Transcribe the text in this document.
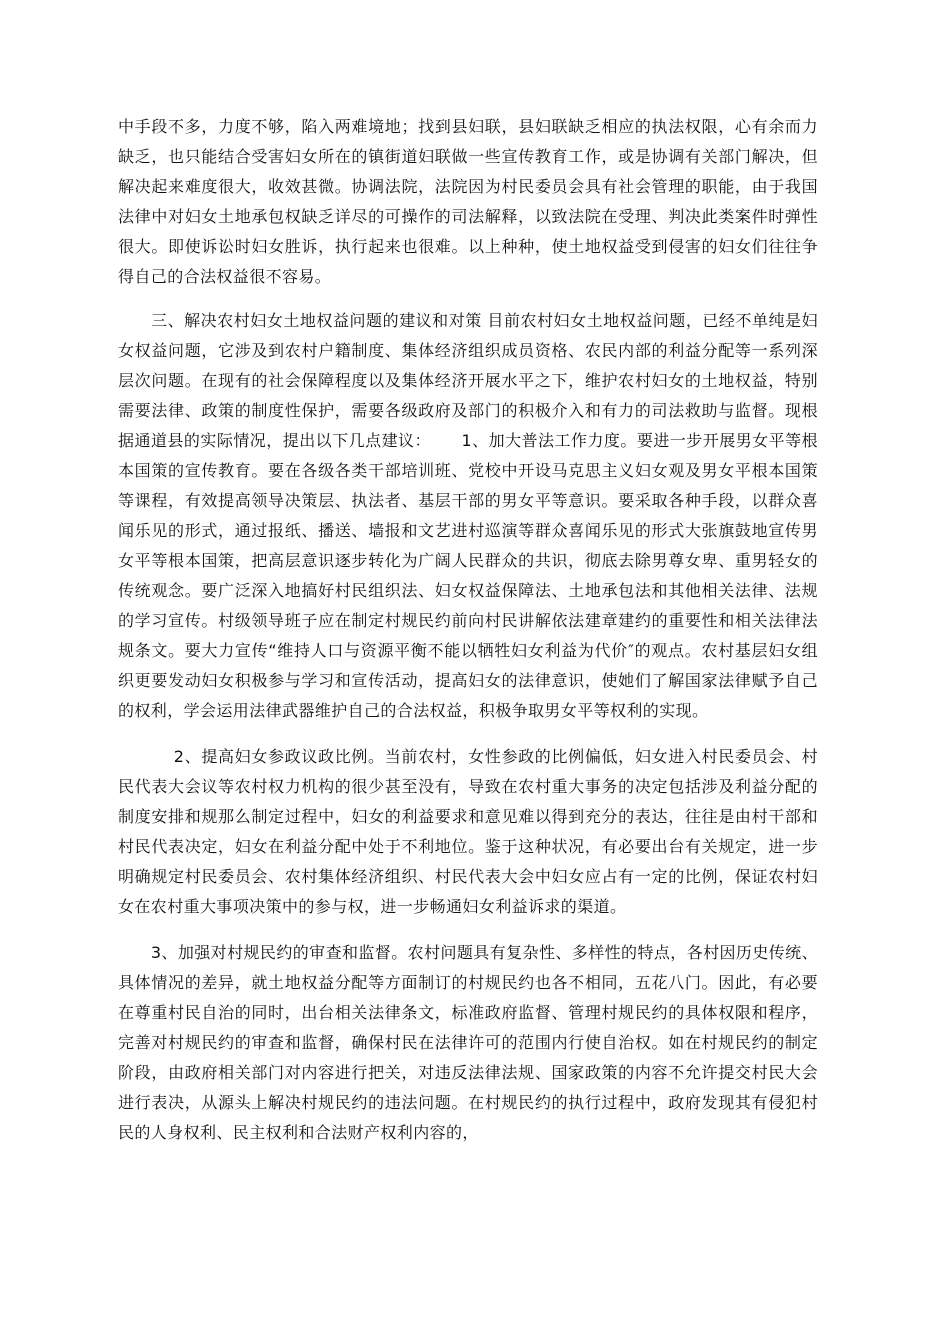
中手段不多，力度不够，陷入两难境地；找到县妇联，县妇联缺乏相应的执法权限，心有余而力缺乏，也只能结合受害妇女所在的镇街道妇联做一些宣传教育工作，或是协调有关部门解决，但解决起来难度很大，收效甚微。协调法院，法院因为村民委员会具有社会管理的职能，由于我国法律中对妇女土地承包权缺乏详尽的可操作的司法解释，以致法院在受理、判决此类案件时弹性很大。即使诉讼时妇女胜诉，执行起来也很难。以上种种，使土地权益受到侵害的妇女们往往争得自己的合法权益很不容易。

　　三、解决农村妇女土地权益问题的建议和对策 目前农村妇女土地权益问题，已经不单纯是妇女权益问题，它涉及到农村户籍制度、集体经济组织成员资格、农民内部的利益分配等一系列深层次问题。在现有的社会保障程度以及集体经济开展水平之下，维护农村妇女的土地权益，特别需要法律、政策的制度性保护，需要各级政府及部门的积极介入和有力的司法救助与监督。现根据通道县的实际情况，提出以下几点建议：　　 1、加大普法工作力度。要进一步开展男女平等根本国策的宣传教育。要在各级各类干部培训班、党校中开设马克思主义妇女观及男女平根本国策等课程，有效提高领导决策层、执法者、基层干部的男女平等意识。要采取各种手段，以群众喜闻乐见的形式，通过报纸、播送、墙报和文艺进村巡演等群众喜闻乐见的形式大张旗鼓地宣传男女平等根本国策，把高层意识逐步转化为广阔人民群众的共识，彻底去除男尊女卑、重男轻女的传统观念。要广泛深入地搞好村民组织法、妇女权益保障法、土地承包法和其他相关法律、法规的学习宣传。村级领导班子应在制定村规民约前向村民讲解依法建章建约的重要性和相关法律法规条文。要大力宣传“维持人口与资源平衡不能以牺牲妇女利益为代价″的观点。农村基层妇女组织更要发动妇女积极参与学习和宣传活动，提高妇女的法律意识，使她们了解国家法律赋予自己的权利，学会运用法律武器维护自己的合法权益，积极争取男女平等权利的实现。

　　　 2、提高妇女参政议政比例。当前农村，女性参政的比例偏低，妇女进入村民委员会、村民代表大会议等农村权力机构的很少甚至没有，导致在农村重大事务的决定包括涉及利益分配的制度安排和规那么制定过程中，妇女的利益要求和意见难以得到充分的表达，往往是由村干部和村民代表决定，妇女在利益分配中处于不利地位。鉴于这种状况，有必要出台有关规定，进一步明确规定村民委员会、农村集体经济组织、村民代表大会中妇女应占有一定的比例，保证农村妇女在农村重大事项决策中的参与权，进一步畅通妇女利益诉求的渠道。

　　3、加强对村规民约的审查和监督。农村问题具有复杂性、多样性的特点，各村因历史传统、具体情况的差异，就土地权益分配等方面制订的村规民约也各不相同，五花八门。因此，有必要在尊重村民自治的同时，出台相关法律条文，标准政府监督、管理村规民约的具体权限和程序，完善对村规民约的审查和监督，确保村民在法律许可的范围内行使自治权。如在村规民约的制定阶段，由政府相关部门对内容进行把关，对违反法律法规、国家政策的内容不允许提交村民大会进行表决，从源头上解决村规民约的违法问题。在村规民约的执行过程中，政府发现其有侵犯村民的人身权利、民主权利和合法财产权利内容的，
